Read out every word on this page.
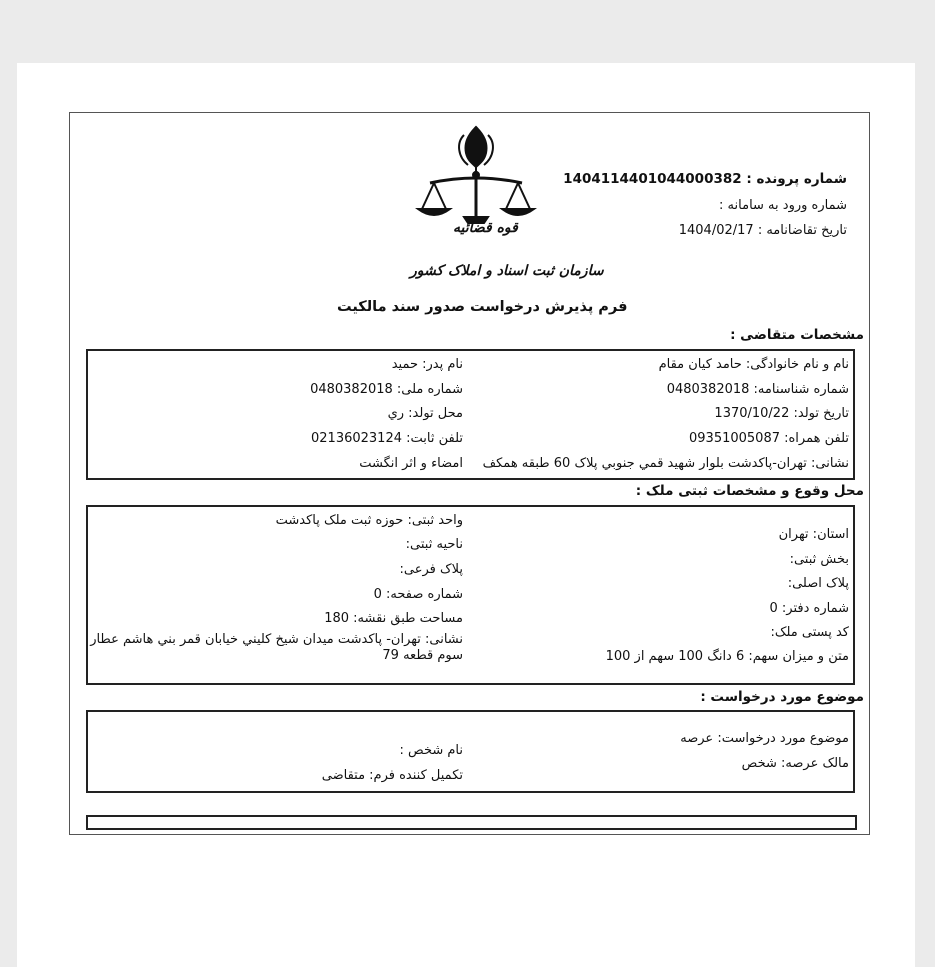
شماره پرونده : 140411440104400038​2
شماره ورود به سامانه :
تاریخ تقاضانامه : 1404/02/17
قوه قضائیه
سازمان ثبت اسناد و املاک کشور
فرم پذیرش درخواست صدور سند مالکیت
مشخصات متقاضی :
نام و نام خانوادگی: حامد کیان مقام
نام پدر: حمید
شماره شناسنامه: 0480382018
شماره ملی: 0480382018
تاریخ تولد: 1370/10/22
محل تولد: ري
تلفن همراه: 09351005087
تلفن ثابت: 02136023124
نشانی: تهران-پاکدشت بلوار شهید قمي جنوبي پلاک 60 طبقه همکف
امضاء و اثر انگشت
محل وقوع و مشخصات ثبتی ملک :
واحد ثبتی: حوزه ثبت ملک پاکدشت
ناحیه ثبتی:
پلاک فرعی:
شماره صفحه: 0
مساحت طبق نقشه: 180
نشانی: تهران- پاکدشت میدان شیخ کلیني خیابان قمر بني هاشم عطار سوم قطعه 79
استان: تهران
بخش ثبتی:
پلاک اصلی:
شماره دفتر: 0
کد پستی ملک:
متن و میزان سهم: 6 دانگ 100 سهم از 100
موضوع مورد درخواست :
موضوع مورد درخواست: عرصه
مالک عرصه: شخص
نام شخص :
تکمیل کننده فرم: متقاضی
